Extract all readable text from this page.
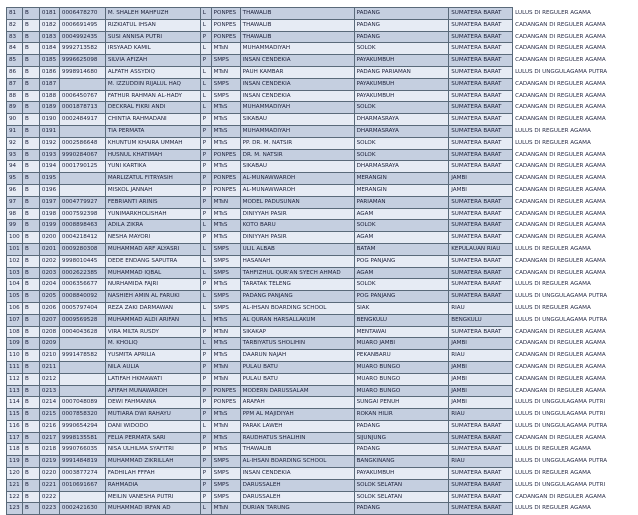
81	B	0181	0006478270	M. SHALEH MAHFUZH	L	PONPES	THAWALIB	PADANG	SUMATERA BARAT	LULUS DI REGULER AGAMA
82	B	0182	0006691495	RIZKIATUL IHSAN	L	PONPES	THAWALIB	PADANG	SUMATERA BARAT	CADANGAN DI REGULER AGAMA
83	B	0183	0004992435	SUSI ANNISA PUTRI	P	PONPES	THAWALIB	PADANG	SUMATERA BARAT	CADANGAN DI REGULER AGAMA
84	B	0184	9992713582	IRSYAAD KAMIL	L	MTsN	MUHAMMADIYAH	SOLOK	SUMATERA BARAT	CADANGAN DI REGULER AGAMA
85	B	0185	9996625098	SILVIA AFIZAH	P	SMPS	INSAN CENDEKIA	PAYAKUMBUH	SUMATERA BARAT	CADANGAN DI REGULER AGAMA
86	B	0186	9998914680	ALFATH ASSYDIQ	L	MTsN	PAUH KAMBAR	PADANG PARIAMAN	SUMATERA BARAT	LULUS DI UNGGULAGAMA PUTRA
87	B	0187		M. IZZUDDIN RIJALUL HAQ	L	SMPS	INSAN CENDEKIA	PAYAKUMBUH	SUMATERA BARAT	CADANGAN DI REGULER AGAMA
88	B	0188	0006450767	FATHUR RAHMAN AL-HADY	L	SMPS	INSAN CENDEKIA	PAYAKUMBUH	SUMATERA BARAT	CADANGAN DI REGULER AGAMA
89	B	0189	0001878713	DECKRAL FIKRI ANDI	L	MTsS	MUHAMMADIYAH	SOLOK	SUMATERA BARAT	CADANGAN DI REGULER AGAMA
90	B	0190	0002484917	CHINTIA RAHMADANI	P	MTsS	SIKABAU	DHARMASRAYA	SUMATERA BARAT	CADANGAN DI REGULER AGAMA
91	B	0191		TIA PERMATA	P	MTsS	MUHAMMADIYAH	DHARMASRAYA	SUMATERA BARAT	LULUS DI REGULER AGAMA
92	B	0192	0002586648	KHUNTUM KHAIRA UMMAH	P	MTsS	PP. DR. M. NATSIR	SOLOK	SUMATERA BARAT	LULUS DI REGULER AGAMA
93	B	0193	9990284067	HUSNUL KHATIMAH	P	PONPES	DR. M. NATSIR	SOLOK	SUMATERA BARAT	CADANGAN DI REGULER AGAMA
94	B	0194	0001790125	YUNI KARTIKA	P	MTsS	SIKABAU	DHARMASRAYA	SUMATERA BARAT	CADANGAN DI REGULER AGAMA
95	B	0195		MARLIZATUL FITRYASIH	P	PONPES	AL-MUNAWWAROH	MERANGIN	JAMBI	CADANGAN DI REGULER AGAMA
96	B	0196		MISKOL JANNAH	P	PONPES	AL-MUNAWWAROH	MERANGIN	JAMBI	CADANGAN DI REGULER AGAMA
97	B	0197	0004779927	FEBRIANTI ARINIS	P	MTsN	MODEL PADUSUNAN	PARIAMAN	SUMATERA BARAT	CADANGAN DI REGULER AGAMA
98	B	0198	0007592398	YUNIMARKHOLISHAH	P	MTsS	DINIYYAH PASIR	AGAM	SUMATERA BARAT	CADANGAN DI REGULER AGAMA
99	B	0199	0008898463	ADILA ZIKRA	L	MTsS	KOTO BARU	SOLOK	SUMATERA BARAT	CADANGAN DI REGULER AGAMA
100	B	0200	0004218412	NESHA MAYORI	P	MTsS	DINIYYAH PASIR	AGAM	SUMATERA BARAT	CADANGAN DI REGULER AGAMA
101	B	0201	0009280308	MUHAMMAD ARF ALYASRI	L	SMPS	ULIL ALBAB	BATAM	KEPULAUAN RIAU	LULUS DI REGULER AGAMA
102	B	0202	9998010445	DEDE ENDANG SAPUTRA	L	SMPS	HASANAH	POG PANJANG	SUMATERA BARAT	CADANGAN DI REGULER AGAMA
103	B	0203	0002622385	MUHAMMAD IQBAL	L	SMPS	TAHFIZHUL QUR'AN SYECH AHMAD	AGAM	SUMATERA BARAT	CADANGAN DI REGULER AGAMA
104	B	0204	0006356677	NURHAMIDA FAJRI	P	MTsS	TARATAK TELENG	SOLOK	SUMATERA BARAT	LULUS DI REGULER AGAMA
105	B	0205	0008840092	NASHIEH AMIN AL FARUKI	L	SMPS	PADANG PANJANG	POG PANJANG	SUMATERA BARAT	LULUS DI UNGGULAGAMA PUTRA
106	B	0206	0005797404	REZA ZAKI DARMAWAN	L	SMPS	AL-IHSAN BOARDING SCHOOL	SIAK	RIAU	LULUS DI REGULER AGAMA
107	B	0207	0009569528	MUHAMMAD ALDI ARIFAN	L	MTsS	AL QURAN HARSALLAKUM	BENGKULU	BENGKULU	LULUS DI UNGGULAGAMA PUTRA
108	B	0208	0004043628	VIRA MILTA RUSDY	P	MTsN	SIKAKAP	MENTAWAI	SUMATERA BARAT	CADANGAN DI REGULER AGAMA
109	B	0209		M. KHOLIQ	L	MTsS	TARBIYATUS SHOLIHIN	MUARO JAMBI	JAMBI	CADANGAN DI REGULER AGAMA
110	B	0210	9991478582	YUSMITA APRILIA	P	MTsS	DAARUN NAJAH	PEKANBARU	RIAU	CADANGAN DI REGULER AGAMA
111	B	0211		NILA AULIA	P	MTsN	PULAU BATU	MUARO BUNGO	JAMBI	CADANGAN DI REGULER AGAMA
112	B	0212		LATIFAH HKMAWATI	P	MTsN	PULAU BATU	MUARO BUNGO	JAMBI	CADANGAN DI REGULER AGAMA
113	B	0213		AFIFAH MUNAWAROH	P	PONPES	MODERN DARUSSALAM	MUARO BUNGO	JAMBI	CADANGAN DI REGULER AGAMA
114	B	0214	0007048089	DEWI FAHMANNA	P	PONPES	ARAFAH	SUNGAI PENUH	JAMBI	LULUS DI UNGGULAGAMA PUTRI
115	B	0215	0007858320	MUTIARA DWI RAHAYU	P	MTsS	PPM AL MAJIDIYAH	ROKAN HILIR	RIAU	LULUS DI UNGGULAGAMA PUTRI
116	B	0216	9990654294	DANI WIDODO	L	MTsN	PARAK LAWEH	PADANG	SUMATERA BARAT	LULUS DI UNGGULAGAMA PUTRA
117	B	0217	9998135581	FELIA PERMATA SARI	P	MTsS	RAUDHATUS SHALIHIN	SIJUNJUNG	SUMATERA BARAT	CADANGAN DI REGULER AGAMA
118	B	0218	9990766035	NISA ULHILMA SYAFITRI	P	MTsS	THAWALIB	PADANG	SUMATERA BARAT	LULUS DI REGULER AGAMA
119	B	0219	9991484819	MUHAMMAD ZIKRILLAH	P	SMPS	AL-IHSAN BOARDING SCHOOL	BANGKINANG	RIAU	LULUS DI UNGGULAGAMA PUTRA
120	B	0220	0003877274	FADHILAH FFFAH	P	SMPS	INSAN CENDEKIA	PAYAKUMBUH	SUMATERA BARAT	LULUS DI REGULER AGAMA
121	B	0221	0010691667	RAHMADIA	P	SMPS	DARUSSALEH	SOLOK SELATAN	SUMATERA BARAT	LULUS DI UNGGULAGAMA PUTRI
122	B	0222		MEILIN VANESHA PUTRI	P	SMPS	DARUSSALEH	SOLOK SELATAN	SUMATERA BARAT	CADANGAN DI REGULER AGAMA
123	B	0223	0002421630	MUHAMMAD IRFAN AD	L	MTsN	DURIAN TARUNG	PADANG	SUMATERA BARAT	LULUS DI REGULER AGAMA
